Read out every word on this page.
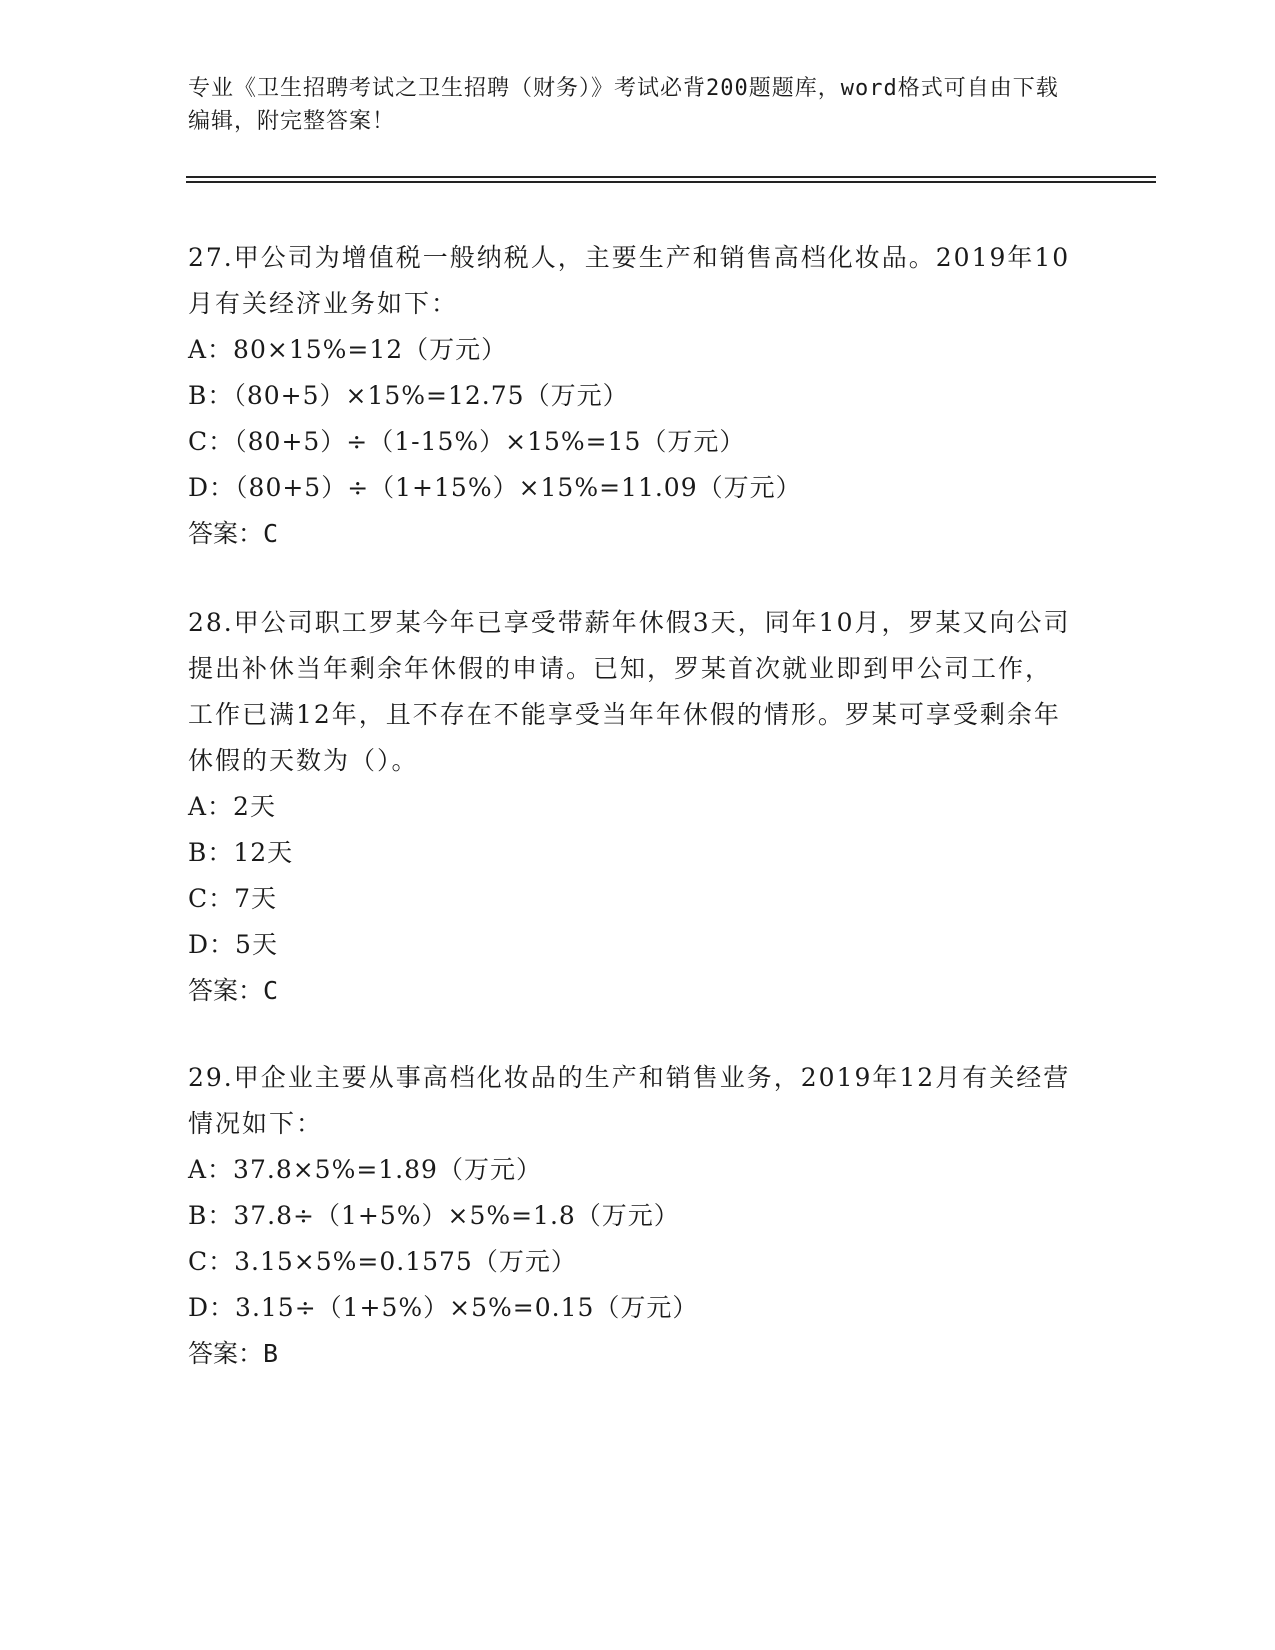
专业《卫生招聘考试之卫生招聘（财务）》考试必背200题题库，word格式可自由下载编辑，附完整答案！

27.甲公司为增值税一般纳税人，主要生产和销售高档化妆品。2019年10月有关经济业务如下：

A：80×15%=12（万元）

B：（80+5）×15%=12.75（万元）

C：（80+5）÷（1-15%）×15%=15（万元）

D：（80+5）÷（1+15%）×15%=11.09（万元）

答案：C

28.甲公司职工罗某今年已享受带薪年休假3天，同年10月，罗某又向公司提出补休当年剩余年休假的申请。已知，罗某首次就业即到甲公司工作，工作已满12年，且不存在不能享受当年年休假的情形。罗某可享受剩余年休假的天数为（）。

A：2天

B：12天

C：7天

D：5天

答案：C

29.甲企业主要从事高档化妆品的生产和销售业务，2019年12月有关经营情况如下：

A：37.8×5%=1.89（万元）

B：37.8÷（1+5%）×5%=1.8（万元）

C：3.15×5%=0.1575（万元）

D：3.15÷（1+5%）×5%=0.15（万元）

答案：B
